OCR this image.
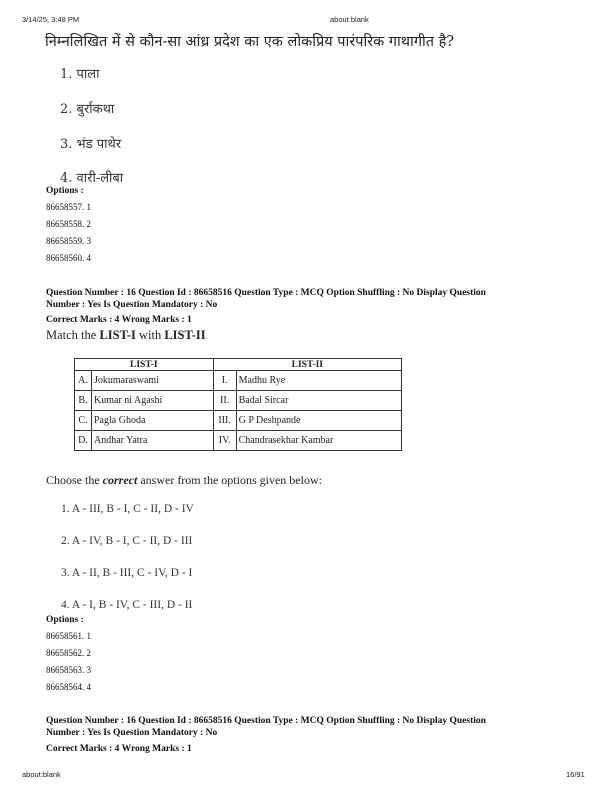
3/14/25, 3:48 PM	about:blank
निम्नलिखित में से कौन-सा आंध्र प्रदेश का एक लोकप्रिय पारंपरिक गाथागीत है?
1. पाला
2. बुर्राकथा
3. भंड पाथेर
4. वारी-लीबा
Options :
86658557. 1
86658558. 2
86658559. 3
86658560. 4
Question Number : 16 Question Id : 86658516 Question Type : MCQ Option Shuffling : No Display Question
Number : Yes Is Question Mandatory : No
Correct Marks : 4 Wrong Marks : 1
Match the LIST-I with LIST-II
LIST-I		LIST-II	
A.	Jokumaraswami	I.	Madhu Rye
B.	Kumar ni Agashi	II.	Badal Sircar
C.	Pagla Ghoda	III.	G P Deshpande
D.	Andhar Yatra	IV.	Chandrasekhar Kambar
Choose the correct answer from the options given below:
1. A - III, B - I, C - II, D - IV
2. A - IV, B - I, C - II, D - III
3. A - II, B - III, C - IV, D - I
4. A - I, B - IV, C - III, D - II
Options :
86658561. 1
86658562. 2
86658563. 3
86658564. 4
Question Number : 16 Question Id : 86658516 Question Type : MCQ Option Shuffling : No Display Question
Number : Yes Is Question Mandatory : No
Correct Marks : 4 Wrong Marks : 1
about:blank	16/91
